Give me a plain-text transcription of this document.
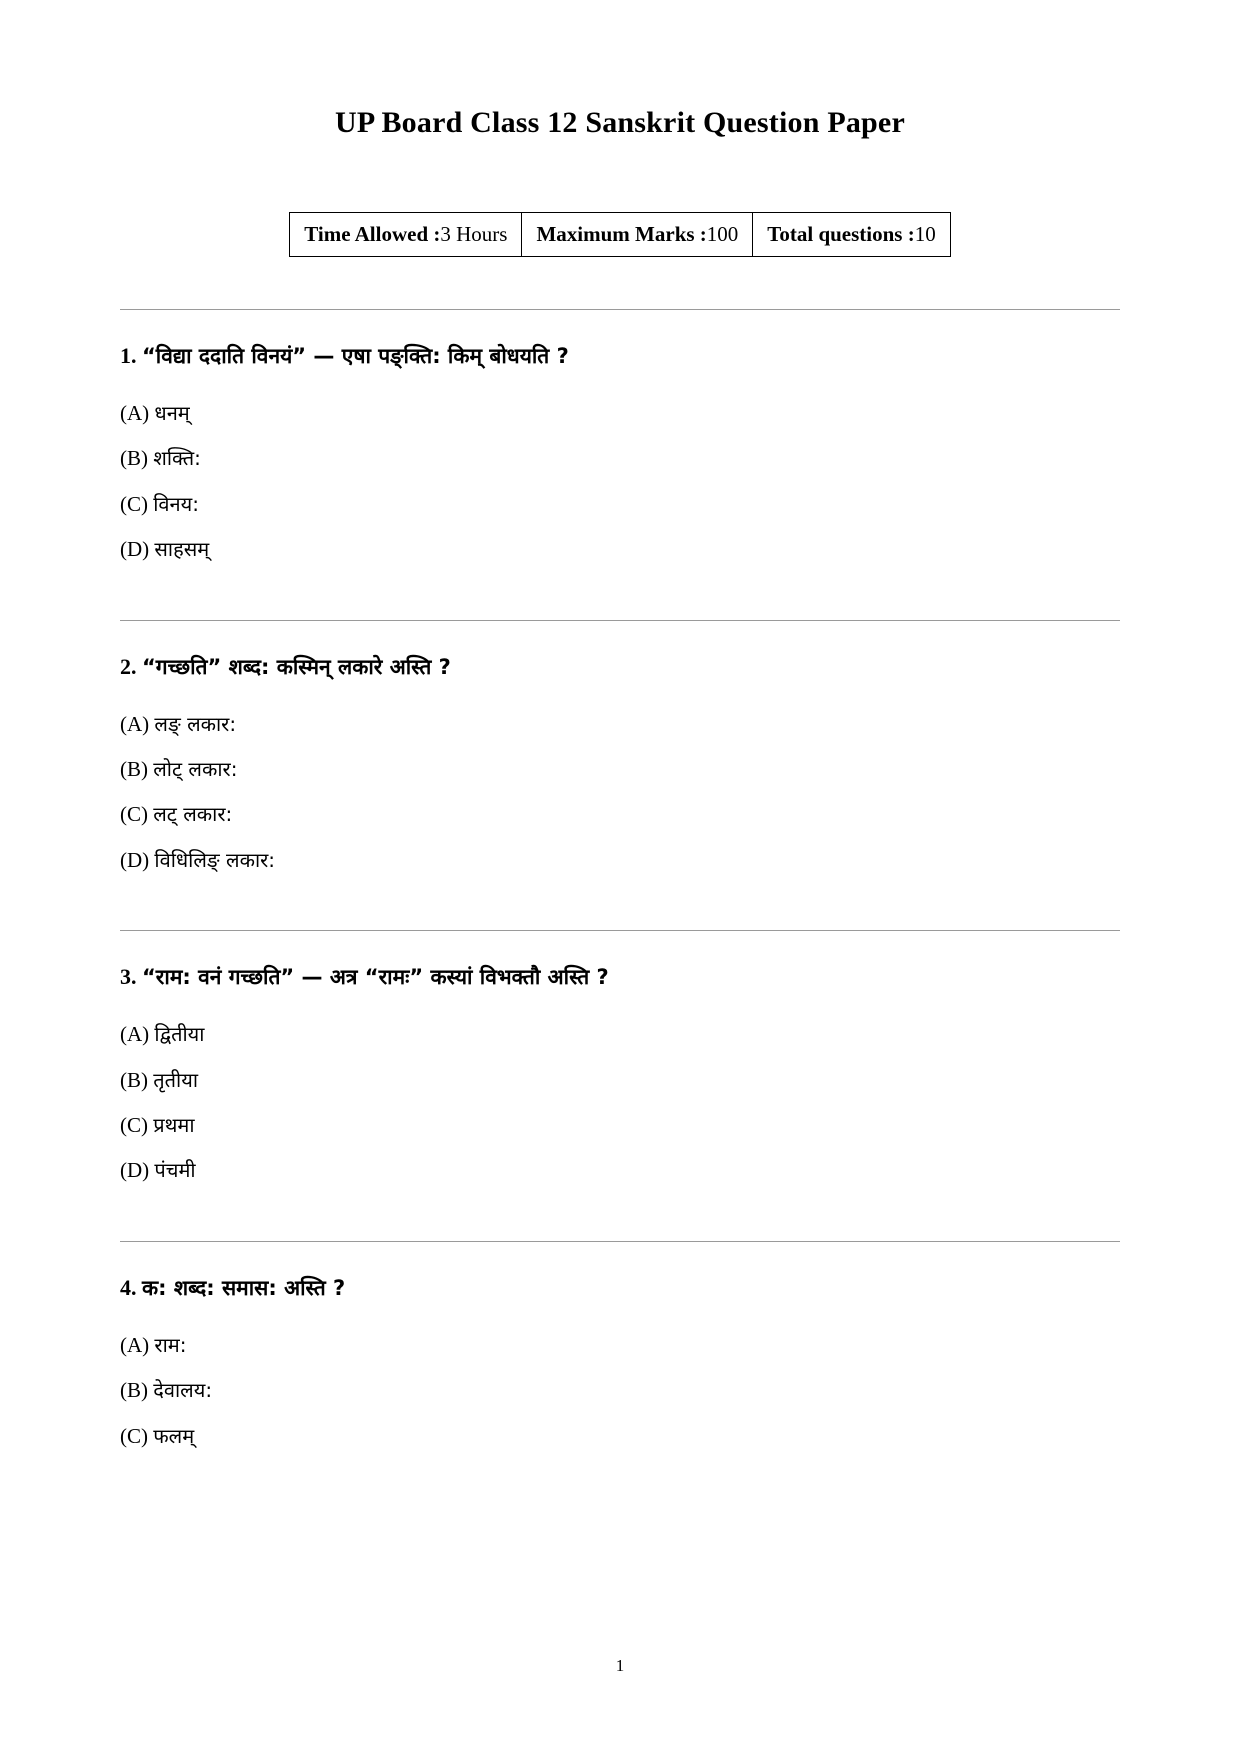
UP Board Class 12 Sanskrit Question Paper
Time Allowed :3 Hours	Maximum Marks :100	Total questions :10

1. “विद्या ददाति विनयं” — एषा पङ्क्ति: किम् बोधयति ?

(A) धनम्
(B) शक्ति:
(C) विनय:
(D) साहसम्

2. “गच्छति” शब्द: कस्मिन् लकारे अस्ति ?

(A) लङ् लकार:
(B) लोट् लकार:
(C) लट् लकार:
(D) विधिलिङ् लकार:

3. “राम: वनं गच्छति” — अत्र “रामः” कस्यां विभक्तौ अस्ति ?

(A) द्वितीया
(B) तृतीया
(C) प्रथमा
(D) पंचमी

4. क: शब्द: समास: अस्ति ?

(A) राम:
(B) देवालय:
(C) फलम्
1
